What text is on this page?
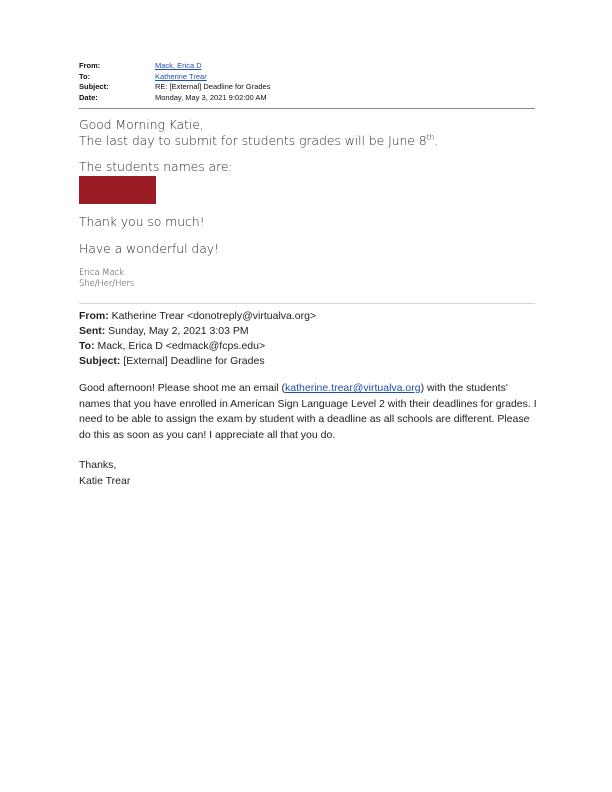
From:	Mack, Erica D
To:	Katherine Trear
Subject:	RE: [External] Deadline for Grades
Date:	Monday, May 3, 2021 9:02:00 AM

Good Morning Katie,

The last day to submit for students grades will be June 8th.

The students names are:

Thank you so much!

Have a wonderful day!

Erica Mack
She/Her/Hers

From: Katherine Trear <donotreply@virtualva.org>
Sent: Sunday, May 2, 2021 3:03 PM
To: Mack, Erica D <edmack@fcps.edu>
Subject: [External] Deadline for Grades
Good afternoon! Please shoot me an email (katherine.trear@virtualva.org) with the students' names that you have enrolled in American Sign Language Level 2 with their deadlines for grades. I need to be able to assign the exam by student with a deadline as all schools are different. Please do this as soon as you can! I appreciate all that you do.
Thanks,
Katie Trear
